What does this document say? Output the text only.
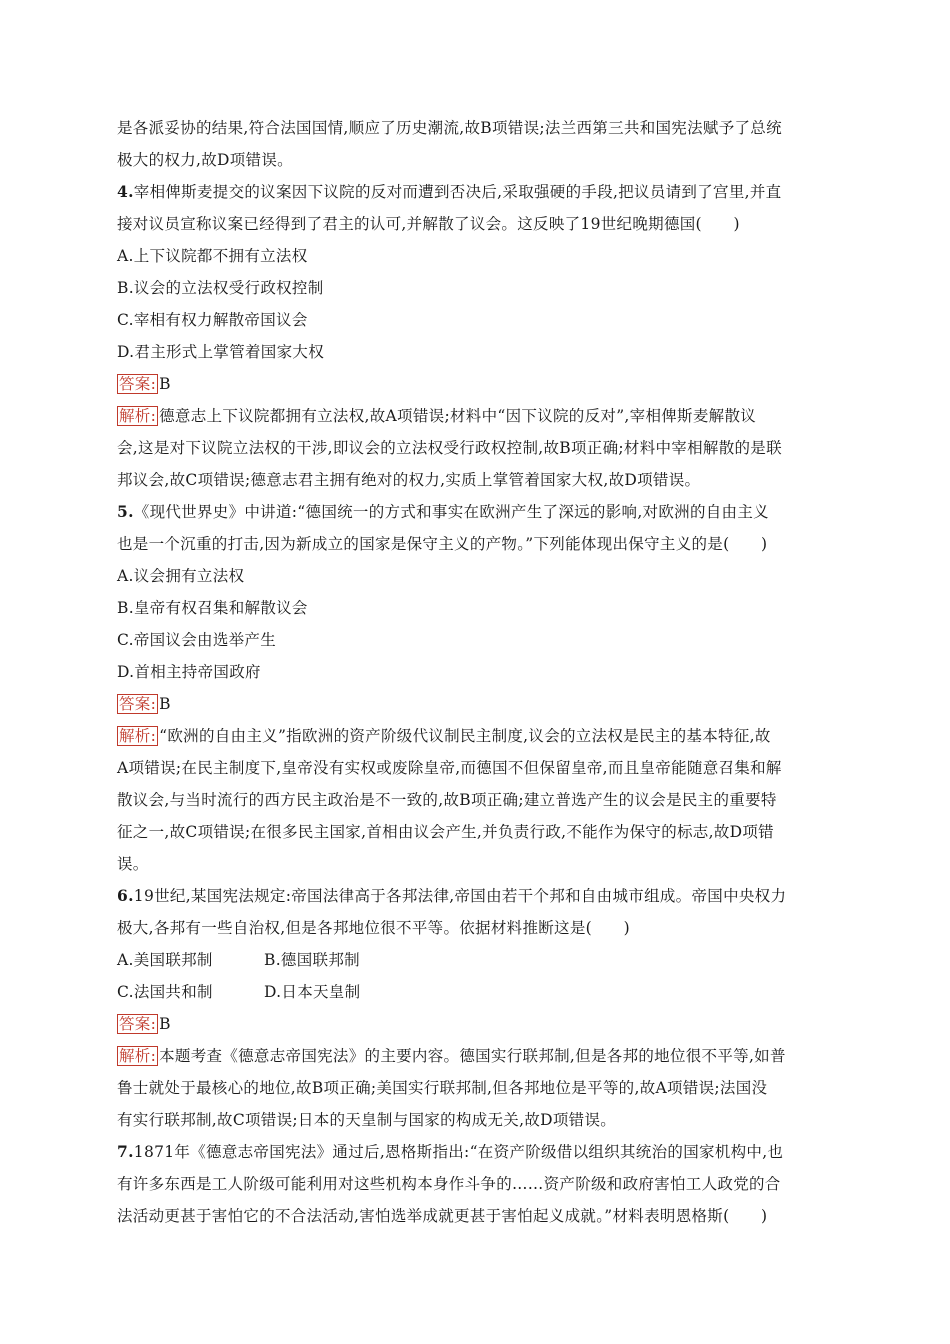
是各派妥协的结果,符合法国国情,顺应了历史潮流,故B项错误;法兰西第三共和国宪法赋予了总统

极大的权力,故D项错误。

4.宰相俾斯麦提交的议案因下议院的反对而遭到否决后,采取强硬的手段,把议员请到了宫里,并直

接对议员宣称议案已经得到了君主的认可,并解散了议会。这反映了19世纪晚期德国(　　)

A.上下议院都不拥有立法权

B.议会的立法权受行政权控制

C.宰相有权力解散帝国议会

D.君主形式上掌管着国家大权

答案: B

解析: 德意志上下议院都拥有立法权,故A项错误;材料中“因下议院的反对”,宰相俾斯麦解散议

会,这是对下议院立法权的干涉,即议会的立法权受行政权控制,故B项正确;材料中宰相解散的是联

邦议会,故C项错误;德意志君主拥有绝对的权力,实质上掌管着国家大权,故D项错误。

5.《现代世界史》中讲道:“德国统一的方式和事实在欧洲产生了深远的影响,对欧洲的自由主义

也是一个沉重的打击,因为新成立的国家是保守主义的产物。”下列能体现出保守主义的是(　　)

A.议会拥有立法权

B.皇帝有权召集和解散议会

C.帝国议会由选举产生

D.首相主持帝国政府

答案: B

解析: “欧洲的自由主义”指欧洲的资产阶级代议制民主制度,议会的立法权是民主的基本特征,故

A项错误;在民主制度下,皇帝没有实权或废除皇帝,而德国不但保留皇帝,而且皇帝能随意召集和解

散议会,与当时流行的西方民主政治是不一致的,故B项正确;建立普选产生的议会是民主的重要特

征之一,故C项错误;在很多民主国家,首相由议会产生,并负责行政,不能作为保守的标志,故D项错

误。

6.19世纪,某国宪法规定:帝国法律高于各邦法律,帝国由若干个邦和自由城市组成。帝国中央权力

极大,各邦有一些自治权,但是各邦地位很不平等。依据材料推断这是(　　)

A.美国联邦制	B.德国联邦制

C.法国共和制	D.日本天皇制

答案: B

解析: 本题考查《德意志帝国宪法》的主要内容。德国实行联邦制,但是各邦的地位很不平等,如普

鲁士就处于最核心的地位,故B项正确;美国实行联邦制,但各邦地位是平等的,故A项错误;法国没

有实行联邦制,故C项错误;日本的天皇制与国家的构成无关,故D项错误。

7.1871年《德意志帝国宪法》通过后,恩格斯指出:“在资产阶级借以组织其统治的国家机构中,也

有许多东西是工人阶级可能利用对这些机构本身作斗争的……资产阶级和政府害怕工人政党的合

法活动更甚于害怕它的不合法活动,害怕选举成就更甚于害怕起义成就。”材料表明恩格斯(　　)
